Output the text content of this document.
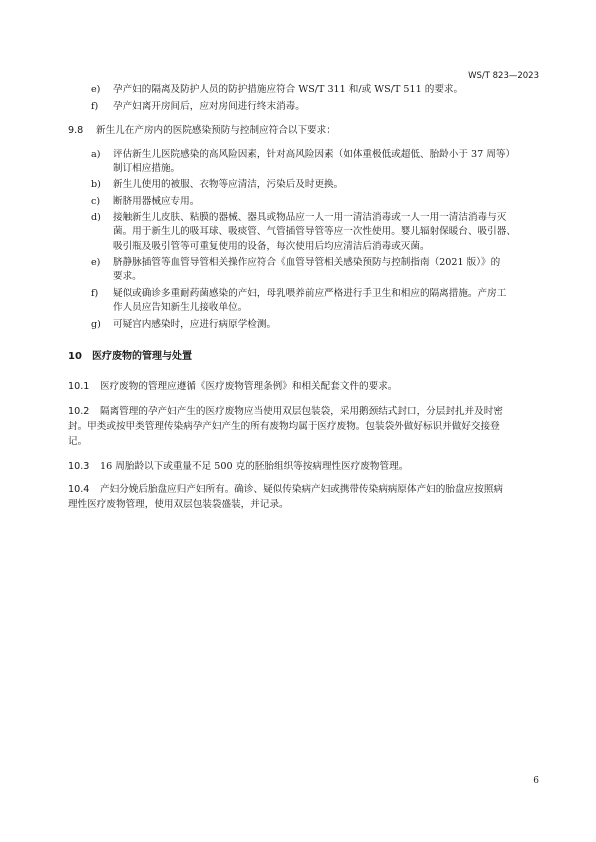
WS/T 823—2023
e) 孕产妇的隔离及防护人员的防护措施应符合 WS/T 311 和/或 WS/T 511 的要求。
f) 孕产妇离开房间后，应对房间进行终末消毒。
9.8 新生儿在产房内的医院感染预防与控制应符合以下要求：
a) 评估新生儿医院感染的高风险因素，针对高风险因素（如体重极低或超低、胎龄小于 37 周等）
制订相应措施。
b) 新生儿使用的被服、衣物等应清洁，污染后及时更换。
c) 断脐用器械应专用。
d) 接触新生儿皮肤、粘膜的器械、器具或物品应一人一用一清洁消毒或一人一用一清洁消毒与灭
菌。用于新生儿的吸耳球、吸痰管、气管插管导管等应一次性使用。婴儿辐射保暖台、吸引器、
吸引瓶及吸引管等可重复使用的设备，每次使用后均应清洁后消毒或灭菌。
e) 脐静脉插管等血管导管相关操作应符合《血管导管相关感染预防与控制指南（2021 版）》的
要求。
f) 疑似或确诊多重耐药菌感染的产妇，母乳喂养前应严格进行手卫生和相应的隔离措施。产房工
作人员应告知新生儿接收单位。
g) 可疑宫内感染时，应进行病原学检测。
10 医疗废物的管理与处置
10.1 医疗废物的管理应遵循《医疗废物管理条例》和相关配套文件的要求。
10.2 隔离管理的孕产妇产生的医疗废物应当使用双层包装袋，采用鹅颈结式封口，分层封扎并及时密
封。甲类或按甲类管理传染病孕产妇产生的所有废物均属于医疗废物。包装袋外做好标识并做好交接登
记。
10.3 16 周胎龄以下或重量不足 500 克的胚胎组织等按病理性医疗废物管理。
10.4 产妇分娩后胎盘应归产妇所有。确诊、疑似传染病产妇或携带传染病病原体产妇的胎盘应按照病
理性医疗废物管理，使用双层包装袋盛装，并记录。
6
